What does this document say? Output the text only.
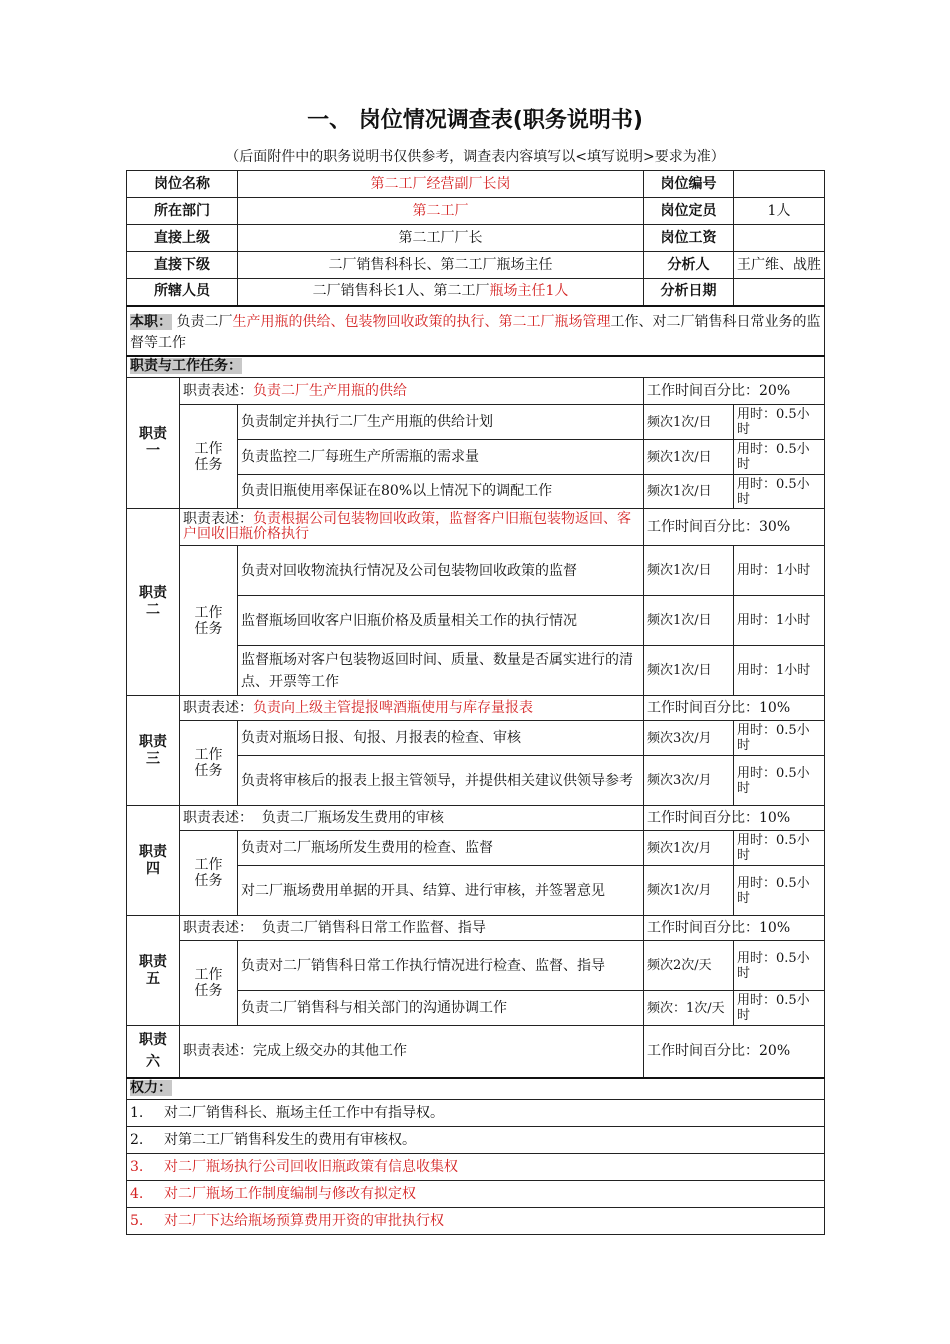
一、 岗位情况调查表(职务说明书)
（后面附件中的职务说明书仅供参考，调查表内容填写以<填写说明>要求为准）
岗位名称		第二工厂经营副厂长岗	岗位编号	
所在部门		第二工厂	岗位定员	1人
直接上级		第二工厂厂长	岗位工资	
直接下级		二厂销售科科长、第二工厂瓶场主任	分析人	王广维、战胜
所辖人员		二厂销售科长1人、第二工厂瓶场主任1人	分析日期	
本职： 负责二厂生产用瓶的供给、包装物回收政策的执行、第二工厂瓶场管理工作、对二厂销售科日常业务的监督等工作				
职责与工作任务：				
职责一	职责表述：负责二厂生产用瓶的供给		工作时间百分比：20%	
	工作任务	负责制定并执行二厂生产用瓶的供给计划	频次1次/日	用时：0.5小时
		负责监控二厂每班生产所需瓶的需求量	频次1次/日	用时：0.5小时
		负责旧瓶使用率保证在80%以上情况下的调配工作	频次1次/日	用时：0.5小时
职责二	职责表述：负责根据公司包装物回收政策，监督客户旧瓶包装物返回、客户回收旧瓶价格执行		工作时间百分比：30%	
	工作任务	负责对回收物流执行情况及公司包装物回收政策的监督	频次1次/日	用时：1小时
		监督瓶场回收客户旧瓶价格及质量相关工作的执行情况	频次1次/日	用时：1小时
		监督瓶场对客户包装物返回时间、质量、数量是否属实进行的清点、开票等工作	频次1次/日	用时：1小时
职责三	职责表述：负责向上级主管提报啤酒瓶使用与库存量报表		工作时间百分比：10%	
	工作任务	负责对瓶场日报、旬报、月报表的检查、审核	频次3次/月	用时：0.5小时
		负责将审核后的报表上报主管领导，并提供相关建议供领导参考	频次3次/月	用时：0.5小时
职责四	职责表述： 负责二厂瓶场发生费用的审核		工作时间百分比：10%	
	工作任务	负责对二厂瓶场所发生费用的检查、监督	频次1次/月	用时：0.5小时
		对二厂瓶场费用单据的开具、结算、进行审核，并签署意见	频次1次/月	用时：0.5小时
职责五	职责表述： 负责二厂销售科日常工作监督、指导		工作时间百分比：10%	
	工作任务	负责对二厂销售科日常工作执行情况进行检查、监督、指导	频次2次/天	用时：0.5小时
		负责二厂销售科与相关部门的沟通协调工作	频次：1次/天	用时：0.5小时
职责六	职责表述：完成上级交办的其他工作		工作时间百分比：20%	
权力：				
1. 对二厂销售科长、瓶场主任工作中有指导权。				
2. 对第二工厂销售科发生的费用有审核权。				
3. 对二厂瓶场执行公司回收旧瓶政策有信息收集权				
4. 对二厂瓶场工作制度编制与修改有拟定权				
5. 对二厂下达给瓶场预算费用开资的审批执行权				
